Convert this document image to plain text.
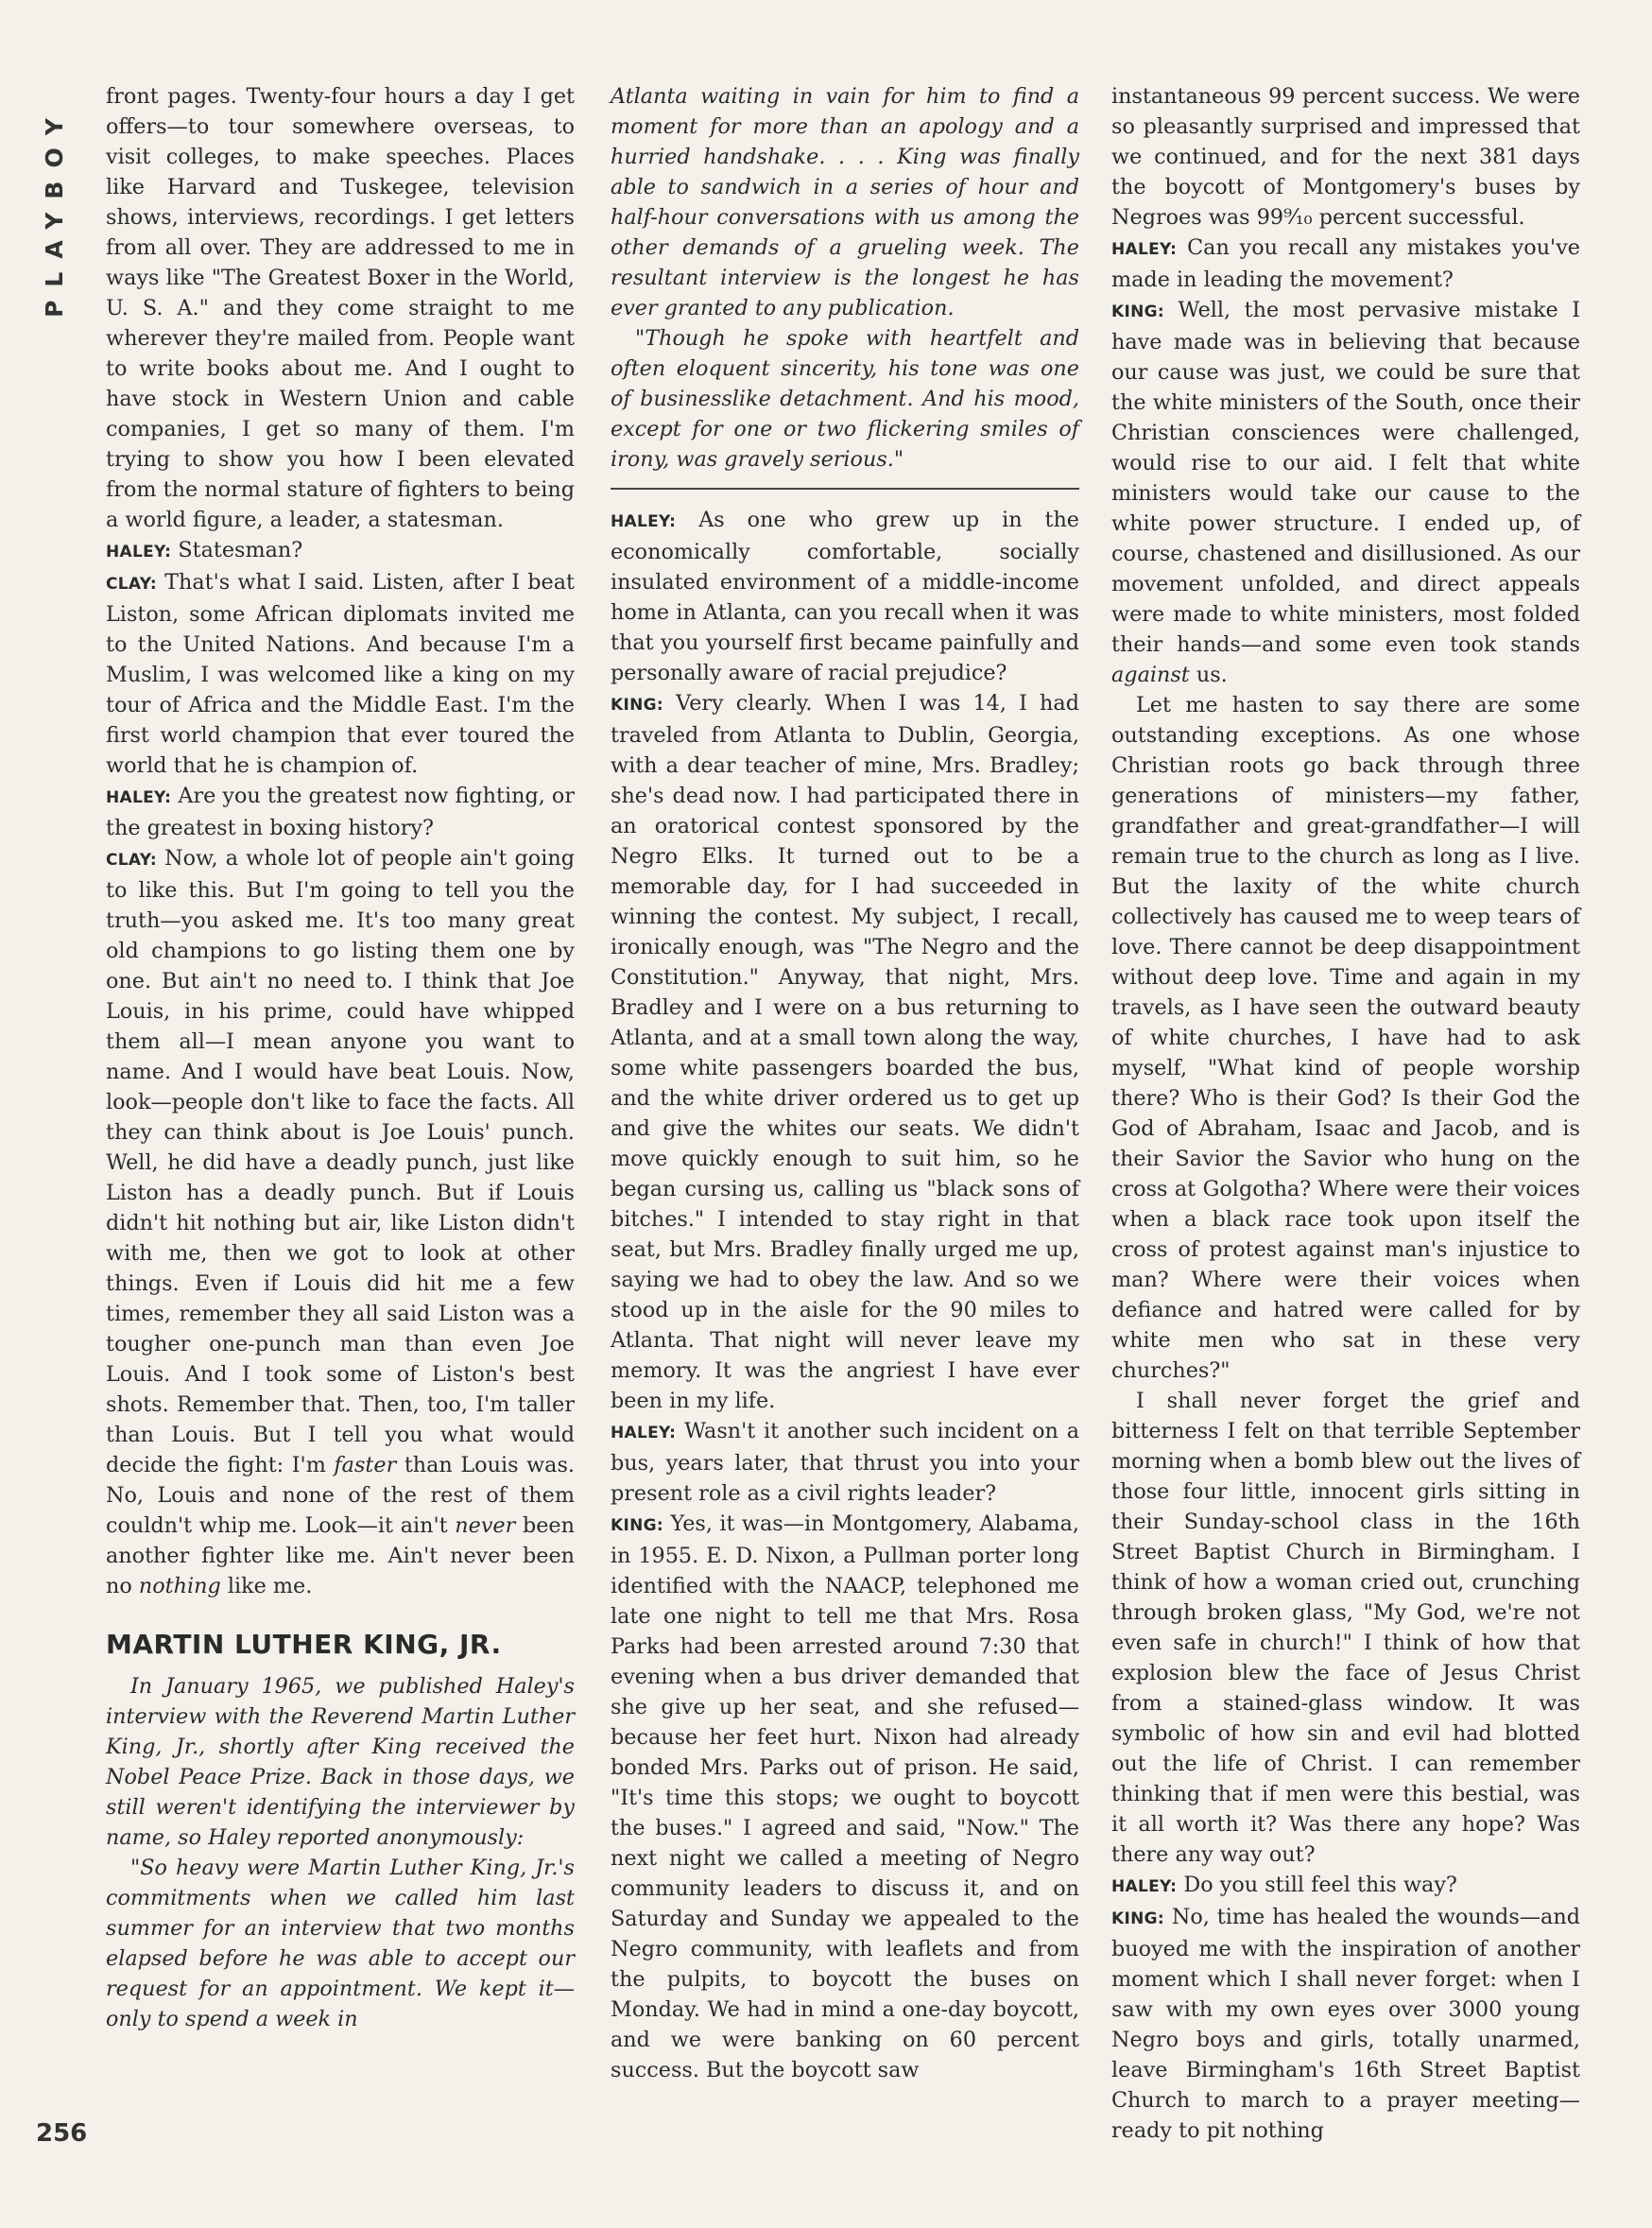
PLAYBOY
256

front pages. Twenty-four hours a day I get offers—to tour somewhere overseas, to visit colleges, to make speeches. Places like Harvard and Tuskegee, television shows, interviews, recordings. I get letters from all over. They are addressed to me in ways like "The Greatest Boxer in the World, U. S. A." and they come straight to me wherever they're mailed from. People want to write books about me. And I ought to have stock in Western Union and cable companies, I get so many of them. I'm trying to show you how I been elevated from the normal stature of fighters to being a world figure, a leader, a statesman.

HALEY: Statesman?

CLAY: That's what I said. Listen, after I beat Liston, some African diplomats invited me to the United Nations. And because I'm a Muslim, I was welcomed like a king on my tour of Africa and the Middle East. I'm the first world champion that ever toured the world that he is champion of.

HALEY: Are you the greatest now fighting, or the greatest in boxing history?

CLAY: Now, a whole lot of people ain't going to like this. But I'm going to tell you the truth—you asked me. It's too many great old champions to go listing them one by one. But ain't no need to. I think that Joe Louis, in his prime, could have whipped them all—I mean anyone you want to name. And I would have beat Louis. Now, look—people don't like to face the facts. All they can think about is Joe Louis' punch. Well, he did have a deadly punch, just like Liston has a deadly punch. But if Louis didn't hit nothing but air, like Liston didn't with me, then we got to look at other things. Even if Louis did hit me a few times, remember they all said Liston was a tougher one-punch man than even Joe Louis. And I took some of Liston's best shots. Remember that. Then, too, I'm taller than Louis. But I tell you what would decide the fight: I'm faster than Louis was. No, Louis and none of the rest of them couldn't whip me. Look—it ain't never been another fighter like me. Ain't never been no nothing like me.

MARTIN LUTHER KING, JR.

In January 1965, we published Haley's interview with the Reverend Martin Luther King, Jr., shortly after King received the Nobel Peace Prize. Back in those days, we still weren't identifying the interviewer by name, so Haley reported anonymously:

"So heavy were Martin Luther King, Jr.'s commitments when we called him last summer for an interview that two months elapsed before he was able to accept our request for an appointment. We kept it—only to spend a week in

Atlanta waiting in vain for him to find a moment for more than an apology and a hurried handshake. . . . King was finally able to sandwich in a series of hour and half-hour conversations with us among the other demands of a grueling week. The resultant interview is the longest he has ever granted to any publication.

"Though he spoke with heartfelt and often eloquent sincerity, his tone was one of businesslike detachment. And his mood, except for one or two flickering smiles of irony, was gravely serious."

HALEY: As one who grew up in the economically comfortable, socially insulated environment of a middle-income home in Atlanta, can you recall when it was that you yourself first became painfully and personally aware of racial prejudice?

KING: Very clearly. When I was 14, I had traveled from Atlanta to Dublin, Georgia, with a dear teacher of mine, Mrs. Bradley; she's dead now. I had participated there in an oratorical contest sponsored by the Negro Elks. It turned out to be a memorable day, for I had succeeded in winning the contest. My subject, I recall, ironically enough, was "The Negro and the Constitution." Anyway, that night, Mrs. Bradley and I were on a bus returning to Atlanta, and at a small town along the way, some white passengers boarded the bus, and the white driver ordered us to get up and give the whites our seats. We didn't move quickly enough to suit him, so he began cursing us, calling us "black sons of bitches." I intended to stay right in that seat, but Mrs. Bradley finally urged me up, saying we had to obey the law. And so we stood up in the aisle for the 90 miles to Atlanta. That night will never leave my memory. It was the angriest I have ever been in my life.

HALEY: Wasn't it another such incident on a bus, years later, that thrust you into your present role as a civil rights leader?

KING: Yes, it was—in Montgomery, Alabama, in 1955. E. D. Nixon, a Pullman porter long identified with the NAACP, telephoned me late one night to tell me that Mrs. Rosa Parks had been arrested around 7:30 that evening when a bus driver demanded that she give up her seat, and she refused—because her feet hurt. Nixon had already bonded Mrs. Parks out of prison. He said, "It's time this stops; we ought to boycott the buses." I agreed and said, "Now." The next night we called a meeting of Negro community leaders to discuss it, and on Saturday and Sunday we appealed to the Negro community, with leaflets and from the pulpits, to boycott the buses on Monday. We had in mind a one-day boycott, and we were banking on 60 percent success. But the boycott saw

instantaneous 99 percent success. We were so pleasantly surprised and impressed that we continued, and for the next 381 days the boycott of Montgomery's buses by Negroes was 99⁹⁄₁₀ percent successful.

HALEY: Can you recall any mistakes you've made in leading the movement?

KING: Well, the most pervasive mistake I have made was in believing that because our cause was just, we could be sure that the white ministers of the South, once their Christian consciences were challenged, would rise to our aid. I felt that white ministers would take our cause to the white power structure. I ended up, of course, chastened and disillusioned. As our movement unfolded, and direct appeals were made to white ministers, most folded their hands—and some even took stands against us.

Let me hasten to say there are some outstanding exceptions. As one whose Christian roots go back through three generations of ministers—my father, grandfather and great-grandfather—I will remain true to the church as long as I live. But the laxity of the white church collectively has caused me to weep tears of love. There cannot be deep disappointment without deep love. Time and again in my travels, as I have seen the outward beauty of white churches, I have had to ask myself, "What kind of people worship there? Who is their God? Is their God the God of Abraham, Isaac and Jacob, and is their Savior the Savior who hung on the cross at Golgotha? Where were their voices when a black race took upon itself the cross of protest against man's injustice to man? Where were their voices when defiance and hatred were called for by white men who sat in these very churches?"

I shall never forget the grief and bitterness I felt on that terrible September morning when a bomb blew out the lives of those four little, innocent girls sitting in their Sunday-school class in the 16th Street Baptist Church in Birmingham. I think of how a woman cried out, crunching through broken glass, "My God, we're not even safe in church!" I think of how that explosion blew the face of Jesus Christ from a stained-glass window. It was symbolic of how sin and evil had blotted out the life of Christ. I can remember thinking that if men were this bestial, was it all worth it? Was there any hope? Was there any way out?

HALEY: Do you still feel this way?

KING: No, time has healed the wounds—and buoyed me with the inspiration of another moment which I shall never forget: when I saw with my own eyes over 3000 young Negro boys and girls, totally unarmed, leave Birmingham's 16th Street Baptist Church to march to a prayer meeting—ready to pit nothing
